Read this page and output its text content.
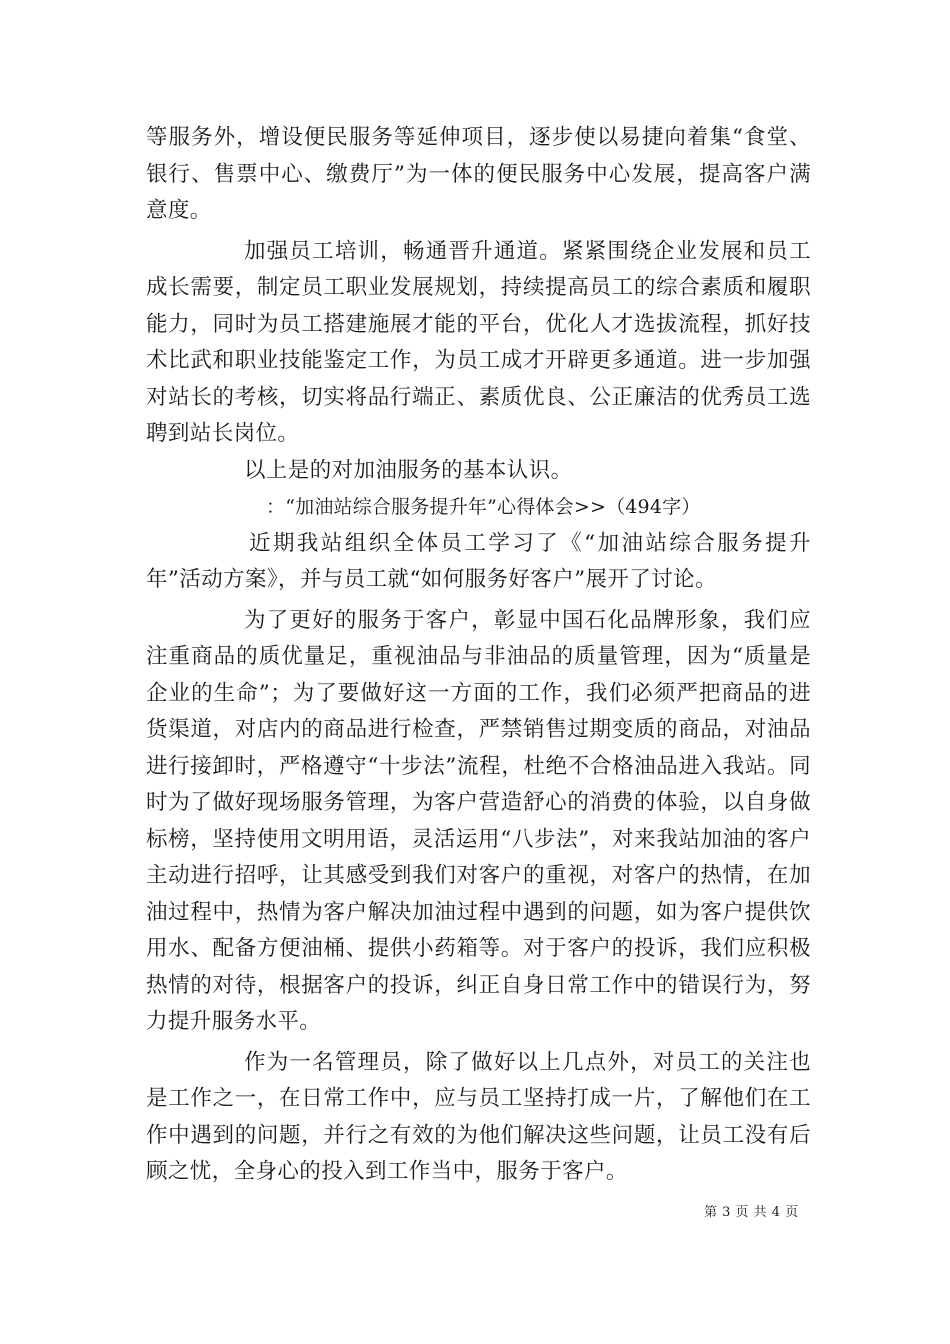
等服务外，增设便民服务等延伸项目，逐步使以易捷向着集“食堂、银行、售票中心、缴费厅”为一体的便民服务中心发展，提高客户满意度。

加强员工培训，畅通晋升通道。紧紧围绕企业发展和员工成长需要，制定员工职业发展规划，持续提高员工的综合素质和履职能力，同时为员工搭建施展才能的平台，优化人才选拔流程，抓好技术比武和职业技能鉴定工作，为员工成才开辟更多通道。进一步加强对站长的考核，切实将品行端正、素质优良、公正廉洁的优秀员工选聘到站长岗位。

以上是的对加油服务的基本认识。

：“加油站综合服务提升年”心得体会>>（494字）

近期我站组织全体员工学习了《“加油站综合服务提升年”活动方案》，并与员工就“如何服务好客户”展开了讨论。

为了更好的服务于客户，彰显中国石化品牌形象，我们应注重商品的质优量足，重视油品与非油品的质量管理，因为“质量是企业的生命”；为了要做好这一方面的工作，我们必须严把商品的进货渠道，对店内的商品进行检查，严禁销售过期变质的商品，对油品进行接卸时，严格遵守“十步法”流程，杜绝不合格油品进入我站。同时为了做好现场服务管理，为客户营造舒心的消费的体验，以自身做标榜，坚持使用文明用语，灵活运用“八步法”，对来我站加油的客户主动进行招呼，让其感受到我们对客户的重视，对客户的热情，在加油过程中，热情为客户解决加油过程中遇到的问题，如为客户提供饮用水、配备方便油桶、提供小药箱等。对于客户的投诉，我们应积极热情的对待，根据客户的投诉，纠正自身日常工作中的错误行为，努力提升服务水平。

作为一名管理员，除了做好以上几点外，对员工的关注也是工作之一，在日常工作中，应与员工坚持打成一片，了解他们在工作中遇到的问题，并行之有效的为他们解决这些问题，让员工没有后顾之忧，全身心的投入到工作当中，服务于客户。

第 3 页 共 4 页
